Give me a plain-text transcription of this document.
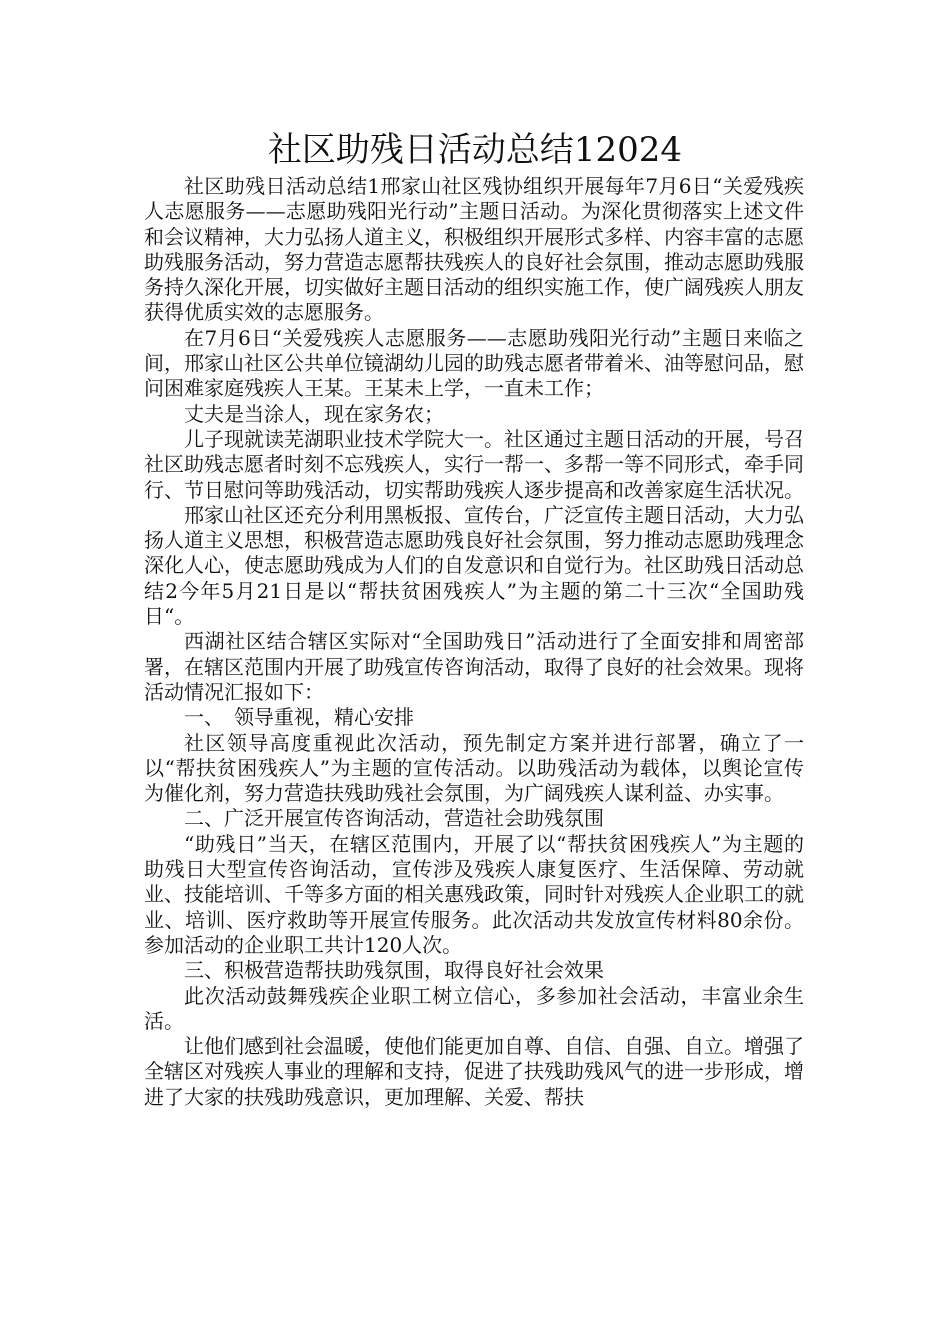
社区助残日活动总结12024

社区助残日活动总结1邢家山社区残协组织开展每年7月6日“关爱残疾人志愿服务——志愿助残阳光行动”主题日活动。为深化贯彻落实上述文件和会议精神，大力弘扬人道主义，积极组织开展形式多样、内容丰富的志愿助残服务活动，努力营造志愿帮扶残疾人的良好社会氛围，推动志愿助残服务持久深化开展，切实做好主题日活动的组织实施工作，使广阔残疾人朋友获得优质实效的志愿服务。

在7月6日“关爱残疾人志愿服务——志愿助残阳光行动”主题日来临之间，邢家山社区公共单位镜湖幼儿园的助残志愿者带着米、油等慰问品，慰问困难家庭残疾人王某。王某未上学，一直未工作；

丈夫是当涂人，现在家务农；

儿子现就读芜湖职业技术学院大一。社区通过主题日活动的开展，号召社区助残志愿者时刻不忘残疾人，实行一帮一、多帮一等不同形式，牵手同行、节日慰问等助残活动，切实帮助残疾人逐步提高和改善家庭生活状况。

邢家山社区还充分利用黑板报、宣传台，广泛宣传主题日活动，大力弘扬人道主义思想，积极营造志愿助残良好社会氛围，努力推动志愿助残理念深化人心，使志愿助残成为人们的自发意识和自觉行为。社区助残日活动总结2今年5月21日是以“帮扶贫困残疾人”为主题的第二十三次“全国助残日“。

西湖社区结合辖区实际对“全国助残日”活动进行了全面安排和周密部署，在辖区范围内开展了助残宣传咨询活动，取得了良好的社会效果。现将活动情况汇报如下：

一、　领导重视，精心安排

社区领导高度重视此次活动，预先制定方案并进行部署，确立了一以“帮扶贫困残疾人”为主题的宣传活动。以助残活动为载体，以舆论宣传为催化剂，努力营造扶残助残社会氛围，为广阔残疾人谋利益、办实事。

二、广泛开展宣传咨询活动，营造社会助残氛围

“助残日”当天，在辖区范围内，开展了以“帮扶贫困残疾人”为主题的助残日大型宣传咨询活动，宣传涉及残疾人康复医疗、生活保障、劳动就业、技能培训、千等多方面的相关惠残政策，同时针对残疾人企业职工的就业、培训、医疗救助等开展宣传服务。此次活动共发放宣传材料80余份。参加活动的企业职工共计120人次。

三、积极营造帮扶助残氛围，取得良好社会效果

此次活动鼓舞残疾企业职工树立信心，多参加社会活动，丰富业余生活。

让他们感到社会温暖，使他们能更加自尊、自信、自强、自立。增强了全辖区对残疾人事业的理解和支持，促进了扶残助残风气的进一步形成，增进了大家的扶残助残意识，更加理解、关爱、帮扶
